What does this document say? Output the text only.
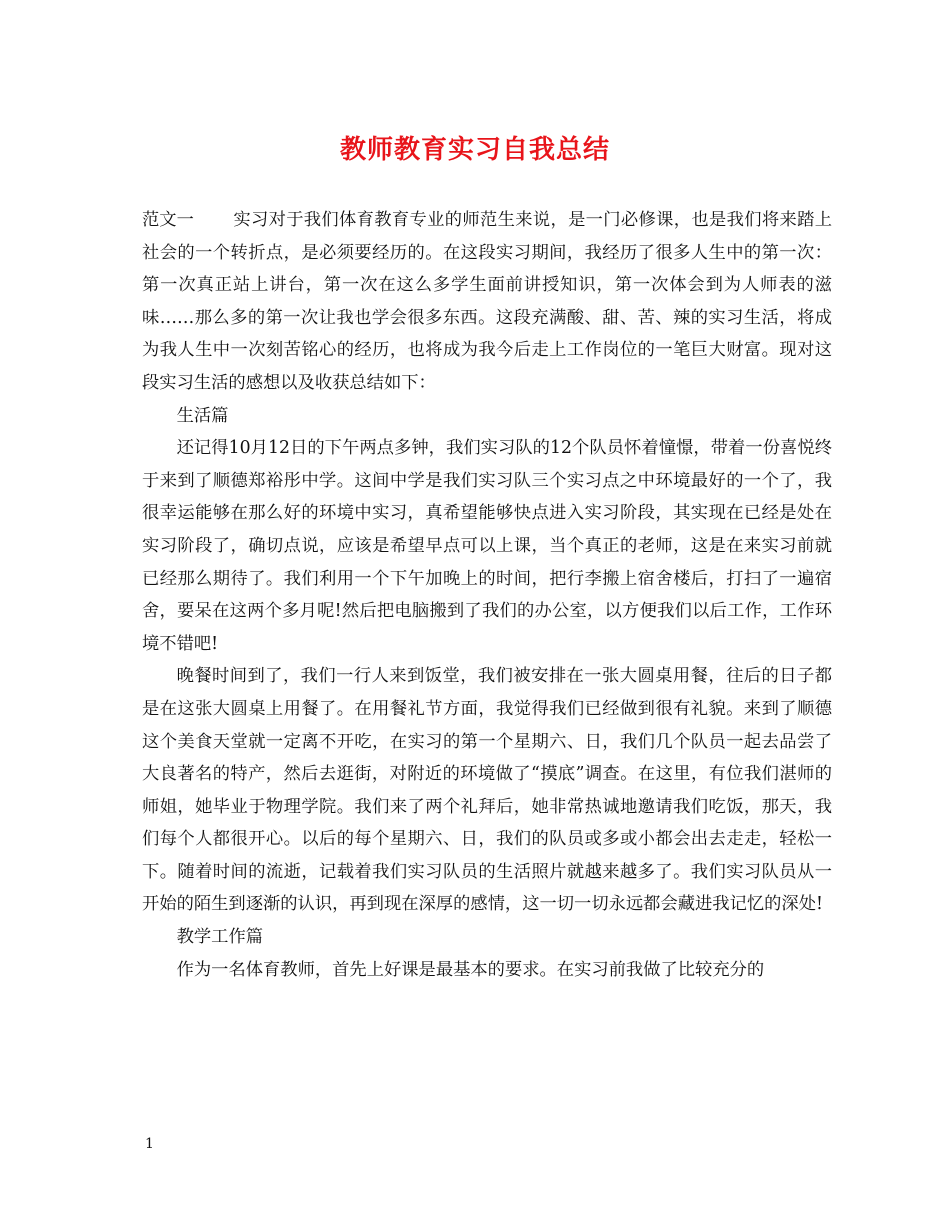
教师教育实习自我总结

范文一 实习对于我们体育教育专业的师范生来说，是一门必修课，也是我们将来踏上社会的一个转折点，是必须要经历的。在这段实习期间，我经历了很多人生中的第一次：第一次真正站上讲台，第一次在这么多学生面前讲授知识，第一次体会到为人师表的滋味……那么多的第一次让我也学会很多东西。这段充满酸、甜、苦、辣的实习生活，将成为我人生中一次刻苦铭心的经历，也将成为我今后走上工作岗位的一笔巨大财富。现对这段实习生活的感想以及收获总结如下：

生活篇

还记得10月12日的下午两点多钟，我们实习队的12个队员怀着憧憬，带着一份喜悦终于来到了顺德郑裕彤中学。这间中学是我们实习队三个实习点之中环境最好的一个了，我很幸运能够在那么好的环境中实习，真希望能够快点进入实习阶段，其实现在已经是处在实习阶段了，确切点说，应该是希望早点可以上课，当个真正的老师，这是在来实习前就已经那么期待了。我们利用一个下午加晚上的时间，把行李搬上宿舍楼后，打扫了一遍宿舍，要呆在这两个多月呢!然后把电脑搬到了我们的办公室，以方便我们以后工作，工作环境不错吧!

晚餐时间到了，我们一行人来到饭堂，我们被安排在一张大圆桌用餐，往后的日子都是在这张大圆桌上用餐了。在用餐礼节方面，我觉得我们已经做到很有礼貌。来到了顺德这个美食天堂就一定离不开吃，在实习的第一个星期六、日，我们几个队员一起去品尝了大良著名的特产，然后去逛街，对附近的环境做了“摸底”调查。在这里，有位我们湛师的师姐，她毕业于物理学院。我们来了两个礼拜后，她非常热诚地邀请我们吃饭，那天，我们每个人都很开心。以后的每个星期六、日，我们的队员或多或小都会出去走走，轻松一下。随着时间的流逝，记载着我们实习队员的生活照片就越来越多了。我们实习队员从一开始的陌生到逐渐的认识，再到现在深厚的感情，这一切一切永远都会藏进我记忆的深处!

教学工作篇

作为一名体育教师，首先上好课是最基本的要求。在实习前我做了比较充分的

1
